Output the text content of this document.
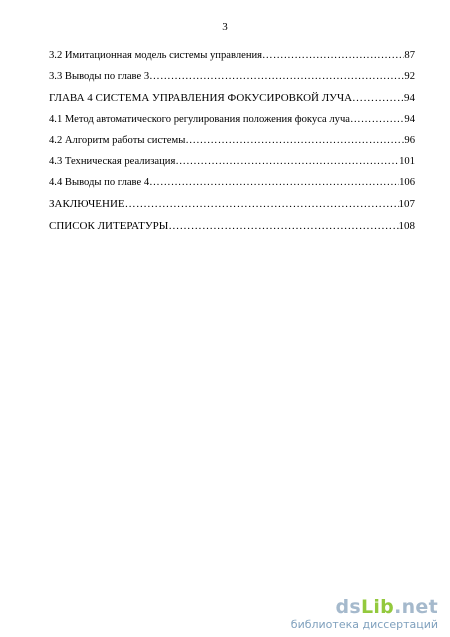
3
3.2 Имитационная модель системы управления ……………………………………………………………………………………………………………………………………	87
3.3 Выводы по главе 3 ……………………………………………………………………………………………………………………………………	92
ГЛАВА 4 СИСТЕМА УПРАВЛЕНИЯ ФОКУСИРОВКОЙ ЛУЧА ……………………………………………………………………………………………………………………………………	94
4.1 Метод автоматического регулирования положения фокуса луча ……………………………………………………………………………………………………………………………………	94
4.2 Алгоритм работы системы ……………………………………………………………………………………………………………………………………	96
4.3 Техническая реализация ……………………………………………………………………………………………………………………………………	101
4.4 Выводы по главе 4 ……………………………………………………………………………………………………………………………………	106
ЗАКЛЮЧЕНИЕ ……………………………………………………………………………………………………………………………………	107
СПИСОК ЛИТЕРАТУРЫ ……………………………………………………………………………………………………………………………………	108
dsLib.net
библиотека диссертаций
